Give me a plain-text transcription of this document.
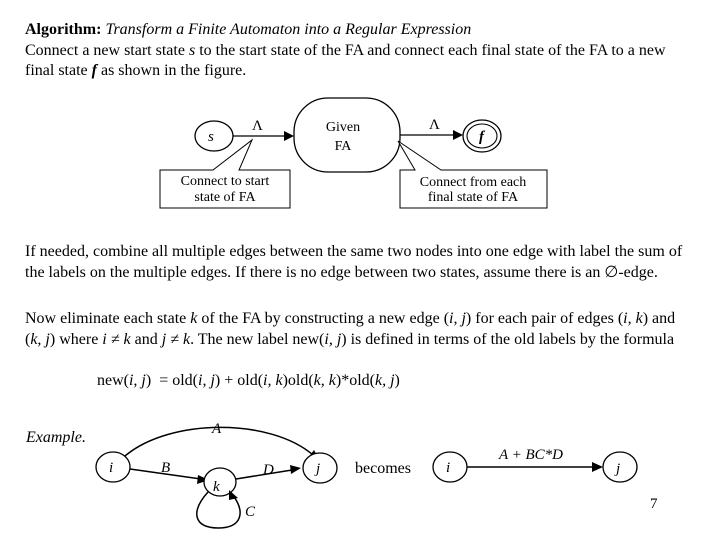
Algorithm: Transform a Finite Automaton into a Regular Expression
Connect a new start state s to the start state of the FA and connect each final state of the FA to a new final state f as shown in the figure.
s
Λ	Given
FA
Λ
f
Connect to start
state of FA
Connect from each
final state of FA
If needed, combine all multiple edges between the same two nodes into one edge with label the sum of the labels on the multiple edges. If there is no edge between two states, assume there is an ∅-edge.
Now eliminate each state k of the FA by constructing a new edge (i, j) for each pair of edges (i, k) and (k, j) where i ≠ k and j ≠ k. The new label new(i, j) is defined in terms of the old labels by the formula
new(i, j)  = old(i, j) + old(i, k)old(k, k)*old(k, j)
Example.
i
A
B
k
C
D	j becomes i
A + BC*D
j
7
